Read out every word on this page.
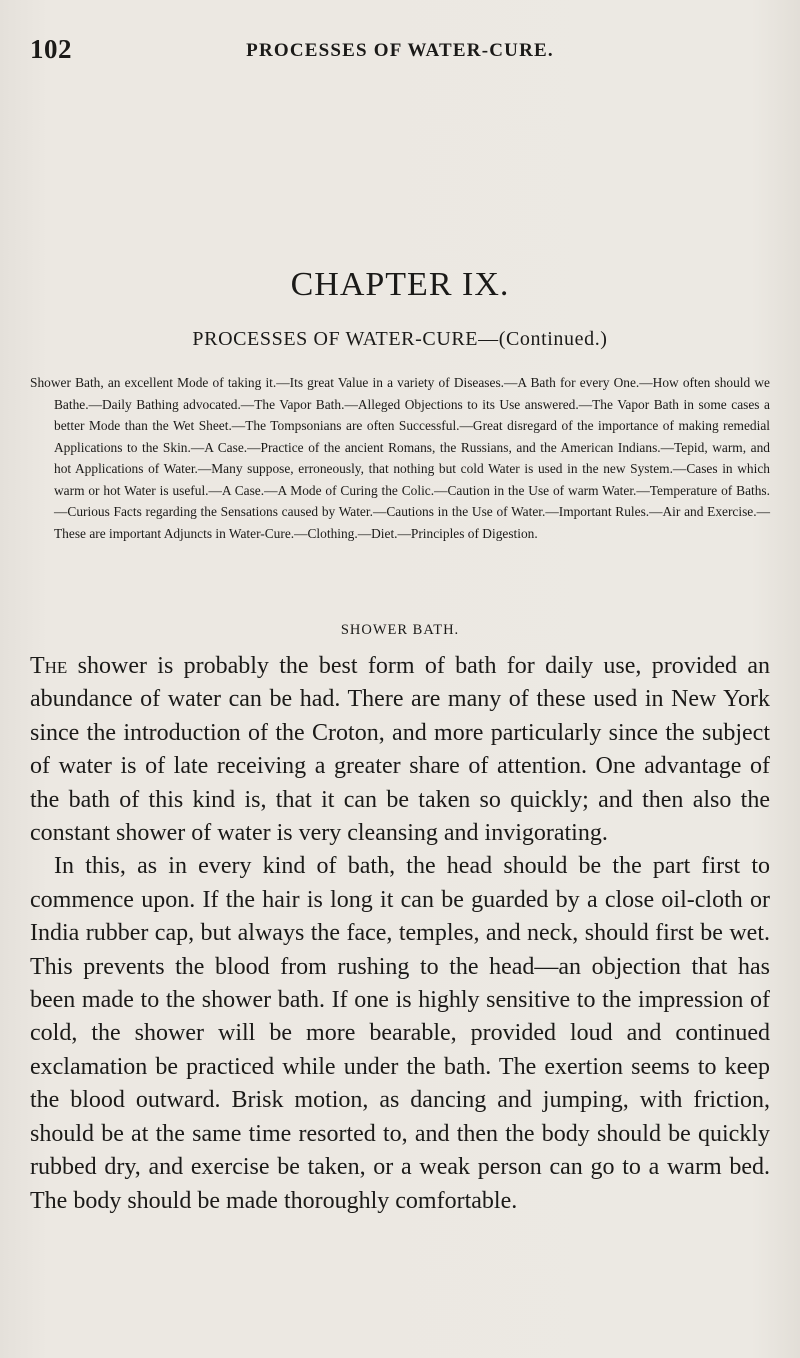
102	PROCESSES OF WATER-CURE.
CHAPTER IX.
PROCESSES OF WATER-CURE—(Continued.)

Shower Bath, an excellent Mode of taking it.—Its great Value in a variety of Diseases.—A Bath for every One.—How often should we Bathe.—Daily Bathing advocated.—The Vapor Bath.—Alleged Objections to its Use answered.—The Vapor Bath in some cases a better Mode than the Wet Sheet.—The Tompsonians are often Successful.—Great disregard of the importance of making remedial Applications to the Skin.—A Case.—Practice of the ancient Romans, the Russians, and the American Indians.—Tepid, warm, and hot Applications of Water.—Many suppose, erroneously, that nothing but cold Water is used in the new System.—Cases in which warm or hot Water is useful.—A Case.—A Mode of Curing the Colic.—Caution in the Use of warm Water.—Temperature of Baths.—Curious Facts regarding the Sensations caused by Water.—Cautions in the Use of Water.—Important Rules.—Air and Exercise.—These are important Adjuncts in Water-Cure.—Clothing.—Diet.—Principles of Digestion.

SHOWER BATH.

The shower is probably the best form of bath for daily use, provided an abundance of water can be had. There are many of these used in New York since the introduction of the Croton, and more particularly since the subject of water is of late receiving a greater share of attention. One advantage of the bath of this kind is, that it can be taken so quickly; and then also the constant shower of water is very cleansing and invigorating.

In this, as in every kind of bath, the head should be the part first to commence upon. If the hair is long it can be guarded by a close oil-cloth or India rubber cap, but always the face, temples, and neck, should first be wet. This prevents the blood from rushing to the head—an objection that has been made to the shower bath. If one is highly sensitive to the impression of cold, the shower will be more bearable, provided loud and continued exclamation be practiced while under the bath. The exertion seems to keep the blood outward. Brisk motion, as dancing and jumping, with friction, should be at the same time resorted to, and then the body should be quickly rubbed dry, and exercise be taken, or a weak person can go to a warm bed. The body should be made thoroughly comfortable.
